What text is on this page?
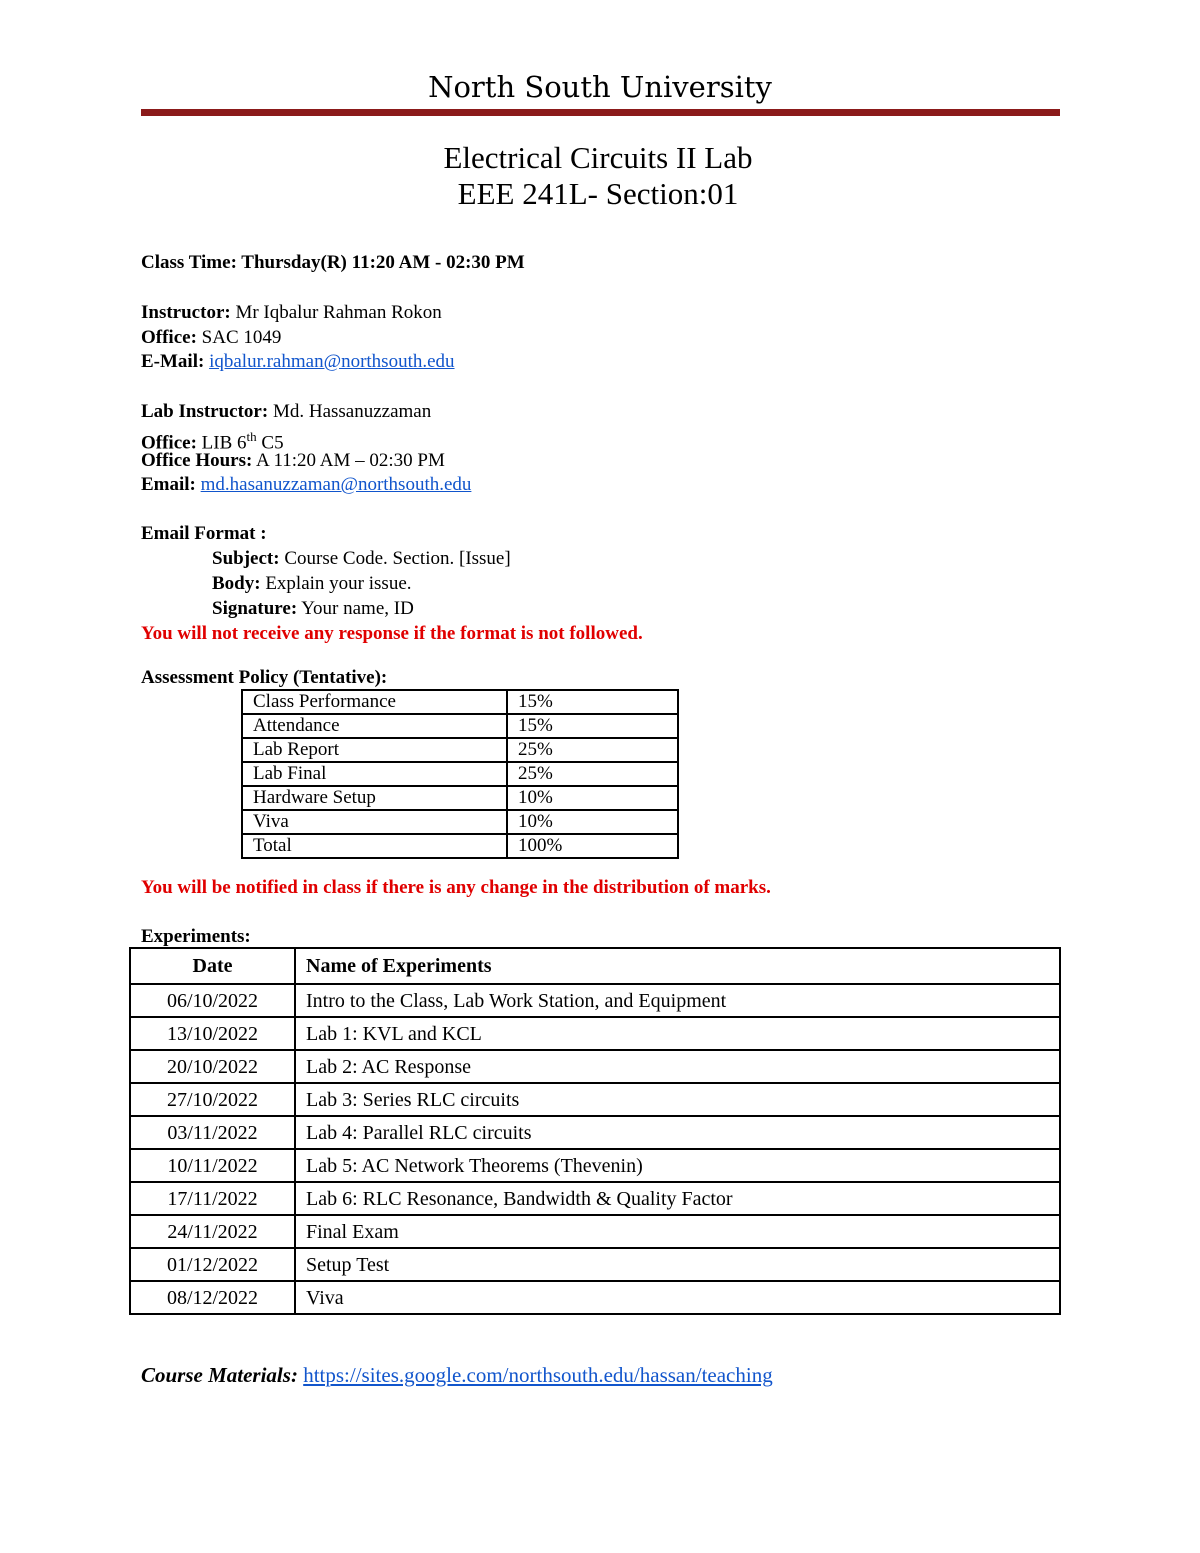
North South University
Electrical Circuits II Lab
EEE 241L- Section:01
Class Time: Thursday(R) 11:20 AM - 02:30 PM
Instructor: Mr Iqbalur Rahman Rokon
Office: SAC 1049
E-Mail: iqbalur.rahman@northsouth.edu
Lab Instructor: Md. Hassanuzzaman
Office: LIB 6th C5
Office Hours: A 11:20 AM – 02:30 PM
Email: md.hasanuzzaman@northsouth.edu
Email Format :
Subject: Course Code. Section. [Issue]
Body: Explain your issue.
Signature: Your name, ID
You will not receive any response if the format is not followed.
Assessment Policy (Tentative):
Class Performance	15%
Attendance	15%
Lab Report	25%
Lab Final	25%
Hardware Setup	10%
Viva	10%
Total	100%
You will be notified in class if there is any change in the distribution of marks.
Experiments:
Date	Name of Experiments
06/10/2022	Intro to the Class, Lab Work Station, and Equipment
13/10/2022	Lab 1: KVL and KCL
20/10/2022	Lab 2: AC Response
27/10/2022	Lab 3: Series RLC circuits
03/11/2022	Lab 4: Parallel RLC circuits
10/11/2022	Lab 5: AC Network Theorems (Thevenin)
17/11/2022	Lab 6: RLC Resonance, Bandwidth & Quality Factor
24/11/2022	Final Exam
01/12/2022	Setup Test
08/12/2022	Viva
Course Materials: https://sites.google.com/northsouth.edu/hassan/teaching
